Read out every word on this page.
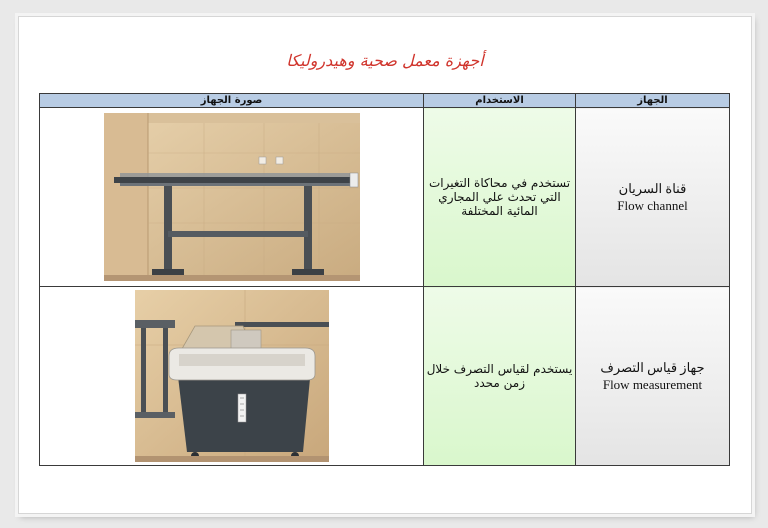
أجهزة معمل صحية وهيدروليكا
صورة الجهاز	الاستخدام	الجهاز

	تستخدم في محاكاة التغيرات التي تحدث علي المجاري المائية المختلفة	قناة السريان
Flow channel

	يستخدم لقياس التصرف خلال زمن محدد	جهاز قياس التصرف
Flow measurement
